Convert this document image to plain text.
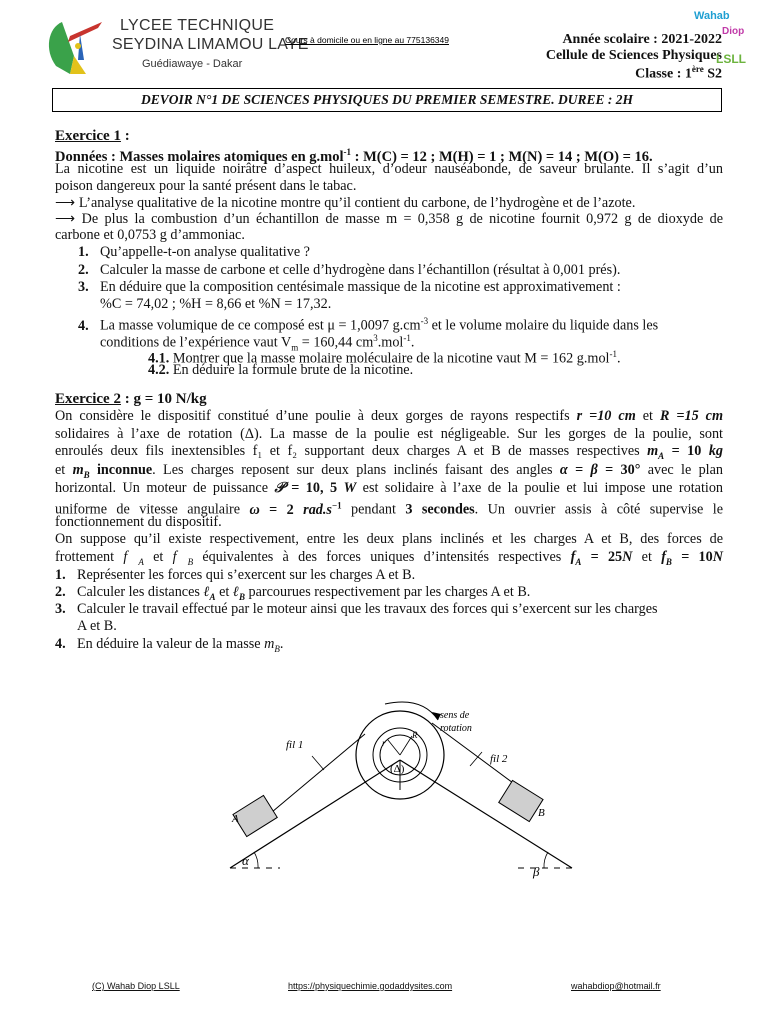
LYCEE TECHNIQUE
SEYDINA LIMAMOU LAYE
Guédiawaye - Dakar
Cours à domicile ou en ligne au 775136349	Année scolaire : 2021-2022
Cellule de Sciences Physiques
Classe : 1ère S2
Wahab
Diop
LSLL
DEVOIR N°1 DE SCIENCES PHYSIQUES DU PREMIER SEMESTRE. DUREE : 2H
Exercice 1 :
Données : Masses molaires atomiques en g.mol$^{-1}$ : M(C) = 12 ; M(H) = 1 ; M(N) = 14 ; M(O) = 16.
La nicotine est un liquide noirâtre d’aspect huileux, d’odeur nauséabonde, de saveur brulante. Il s’agit d’un
poison dangereux pour la santé présent dans le tabac.
⟶ L’analyse qualitative de la nicotine montre qu’il contient du carbone, de l’hydrogène et de l’azote.
⟶ De plus la combustion d’un échantillon de masse m = 0,358 g de nicotine fournit 0,972 g de dioxyde de
carbone et 0,0753 g d’ammoniac.
1. Qu’appelle-t-on analyse qualitative ?
2. Calculer la masse de carbone et celle d’hydrogène dans l’échantillon (résultat à 0,001 prés).
3. En déduire que la composition centésimale massique de la nicotine est approximativement :
%C = 74,02 ; %H = 8,66 et %N = 17,32.
4. La masse volumique de ce composé est μ = 1,0097 $g.cm^{-3}$ et le volume molaire du liquide dans les
conditions de l’expérience vaut $V_m = 160,44$ $cm^3.mol^{-1}$.
4.1. Montrer que la masse molaire moléculaire de la nicotine vaut M = 162 g.mol$^{-1}$.
4.2. En déduire la formule brute de la nicotine.
Exercice 2 : g = 10 N/kg
On considère le dispositif constitué d’une poulie à deux gorges de rayons respectifs r =10 cm et R =15 cm
solidaires à l’axe de rotation (Δ). La masse de la poulie est négligeable. Sur les gorges de la poulie, sont
enroulés deux fils inextensibles f₁ et f₂ supportant deux charges A et B de masses respectives $m_A = 10$ kg
et $m_B$ inconnue. Les charges reposent sur deux plans inclinés faisant des angles α = β = 30° avec le plan
horizontal. Un moteur de puissance 𝒫 = 10, 5 W est solidaire à l’axe de la poulie et lui impose une rotation
uniforme de vitesse angulaire ω = 2 $rad.s^{-1}$ pendant 3 secondes. Un ouvrier assis à côté supervise le
fonctionnement du dispositif.
On suppose qu’il existe respectivement, entre les deux plans inclinés et les charges A et B, des forces de
frottement $f⃗_A$ et $f⃗_B$ équivalentes à des forces uniques d’intensités respectives $f_A = 25N$ et $f_B = 10N$
1. Représenter les forces qui s’exercent sur les charges A et B.
2. Calculer les distances ℓ$_A$ et ℓ$_B$ parcourues respectivement par les charges A et B.
3. Calculer le travail effectué par le moteur ainsi que les travaux des forces qui s’exercent sur les charges
A et B.
4. En déduire la valeur de la masse $m_B$.
fil 1
fil 2
sens de
rotation
r
R
(Δ)
A	B
α
β
(C) Wahab Diop LSLL	https://physiquechimie.godaddysites.com	wahabdiop@hotmail.fr
